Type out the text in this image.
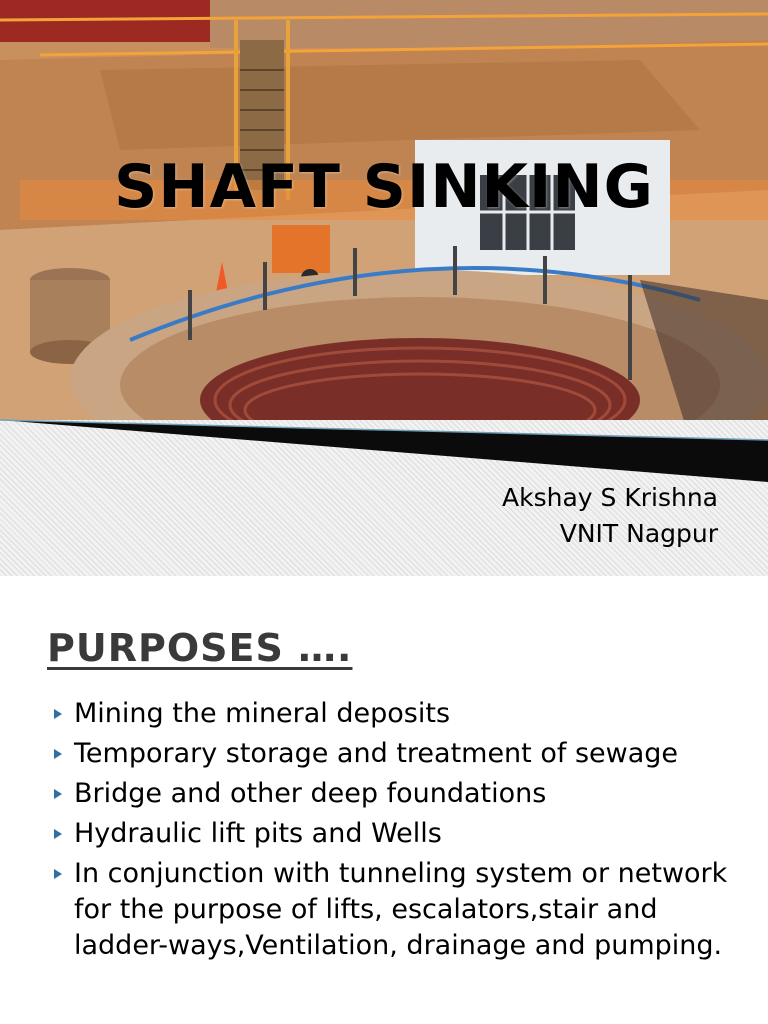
SHAFT SINKING
Akshay S Krishna
VNIT Nagpur
PURPOSES ….
Mining the mineral deposits
Temporary storage and treatment of sewage
Bridge and other deep foundations
Hydraulic lift pits and Wells
In conjunction with tunneling system or network for the purpose of lifts, escalators,stair and ladder-ways,Ventilation, drainage and pumping.
